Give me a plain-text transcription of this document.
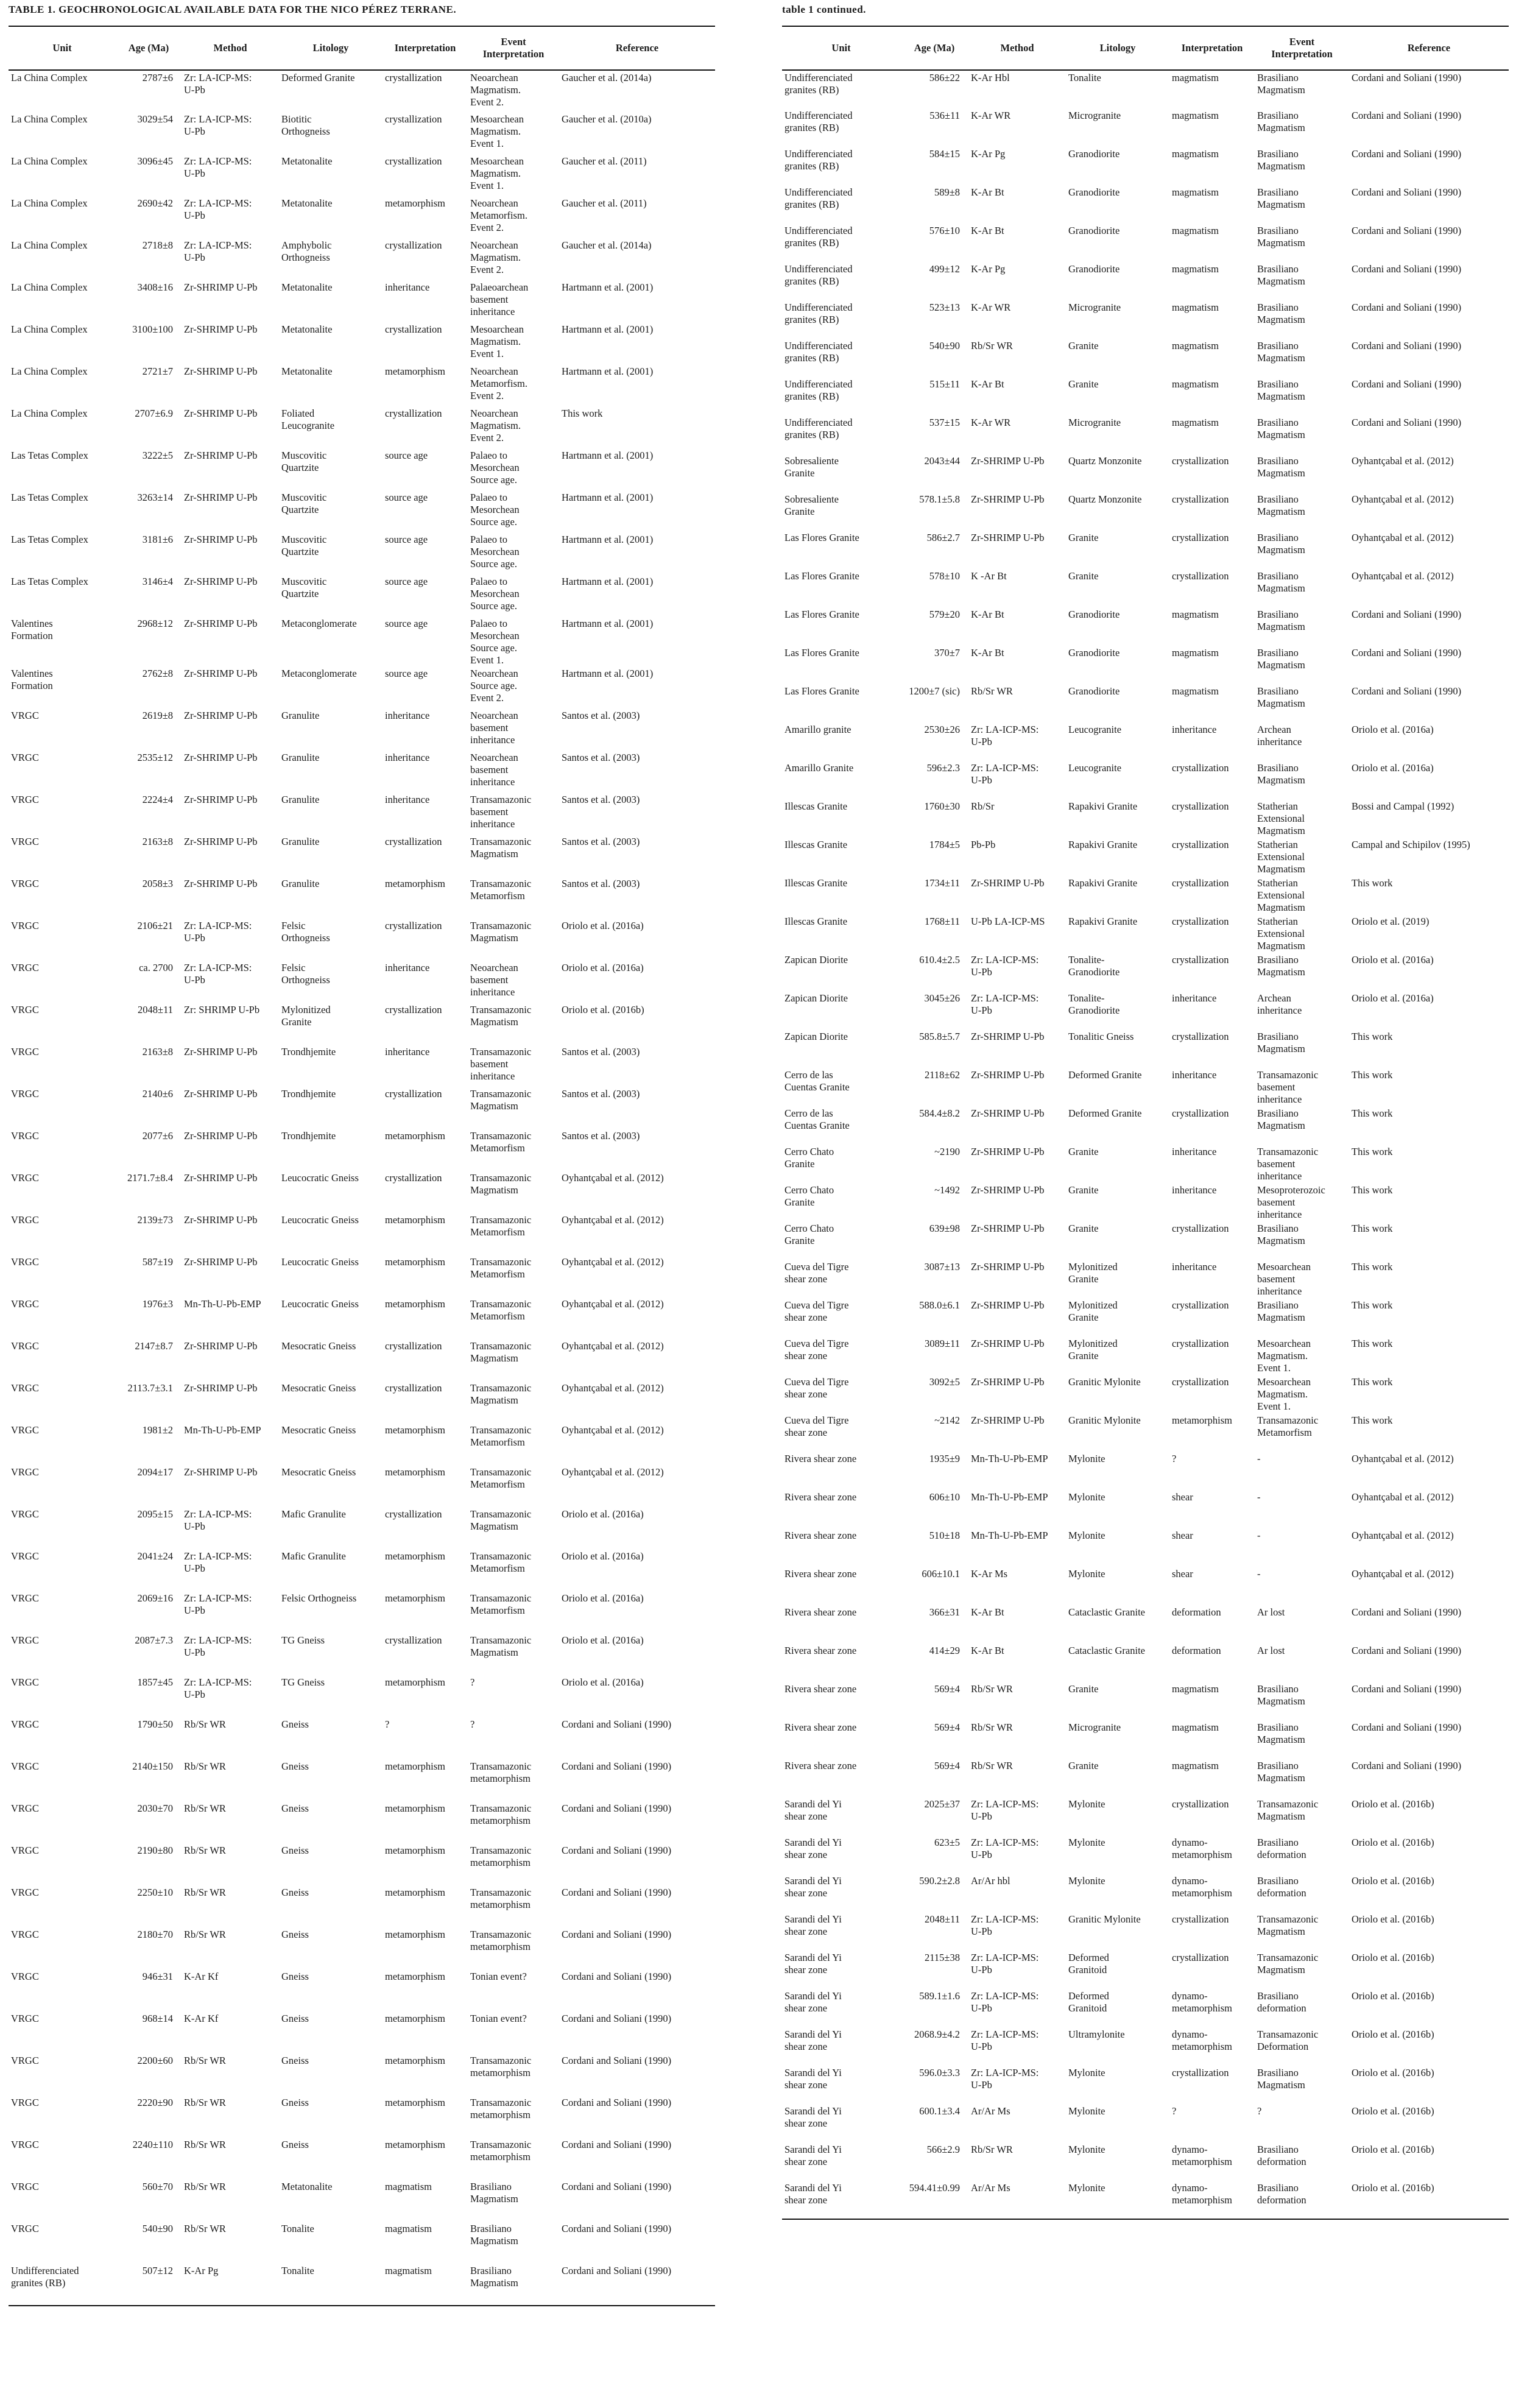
TABLE 1. GEOCHRONOLOGICAL AVAILABLE DATA FOR THE NICO PÉREZ TERRANE.
Unit	Age (Ma)	Method	Litology	Interpretation	Event
Interpretation	Reference
La China Complex	2787±6	Zr: LA-ICP-MS:
U-Pb	Deformed Granite	crystallization	Neoarchean
Magmatism.
Event 2.	Gaucher et al. (2014a)
La China Complex	3029±54	Zr: LA-ICP-MS:
U-Pb	Biotitic
Orthogneiss	crystallization	Mesoarchean
Magmatism.
Event 1.	Gaucher et al. (2010a)
La China Complex	3096±45	Zr: LA-ICP-MS:
U-Pb	Metatonalite	crystallization	Mesoarchean
Magmatism.
Event 1.	Gaucher et al. (2011)
La China Complex	2690±42	Zr: LA-ICP-MS:
U-Pb	Metatonalite	metamorphism	Neoarchean
Metamorfism.
Event 2.	Gaucher et al. (2011)
La China Complex	2718±8	Zr: LA-ICP-MS:
U-Pb	Amphybolic
Orthogneiss	crystallization	Neoarchean
Magmatism.
Event 2.	Gaucher et al. (2014a)
La China Complex	3408±16	Zr-SHRIMP U-Pb	Metatonalite	inheritance	Palaeoarchean
basement
inheritance	Hartmann et al. (2001)
La China Complex	3100±100	Zr-SHRIMP U-Pb	Metatonalite	crystallization	Mesoarchean
Magmatism.
Event 1.	Hartmann et al. (2001)
La China Complex	2721±7	Zr-SHRIMP U-Pb	Metatonalite	metamorphism	Neoarchean
Metamorfism.
Event 2.	Hartmann et al. (2001)
La China Complex	2707±6.9	Zr-SHRIMP U-Pb	Foliated
Leucogranite	crystallization	Neoarchean
Magmatism.
Event 2.	This work
Las Tetas Complex	3222±5	Zr-SHRIMP U-Pb	Muscovitic
Quartzite	source age	Palaeo to
Mesorchean
Source age.	Hartmann et al. (2001)
Las Tetas Complex	3263±14	Zr-SHRIMP U-Pb	Muscovitic
Quartzite	source age	Palaeo to
Mesorchean
Source age.	Hartmann et al. (2001)
Las Tetas Complex	3181±6	Zr-SHRIMP U-Pb	Muscovitic
Quartzite	source age	Palaeo to
Mesorchean
Source age.	Hartmann et al. (2001)
Las Tetas Complex	3146±4	Zr-SHRIMP U-Pb	Muscovitic
Quartzite	source age	Palaeo to
Mesorchean
Source age.	Hartmann et al. (2001)
Valentines
Formation	2968±12	Zr-SHRIMP U-Pb	Metaconglomerate	source age	Palaeo to
Mesorchean
Source age.
Event 1.	Hartmann et al. (2001)
Valentines
Formation	2762±8	Zr-SHRIMP U-Pb	Metaconglomerate	source age	Neoarchean
Source age.
Event 2.	Hartmann et al. (2001)
VRGC	2619±8	Zr-SHRIMP U-Pb	Granulite	inheritance	Neoarchean
basement
inheritance	Santos et al. (2003)
VRGC	2535±12	Zr-SHRIMP U-Pb	Granulite	inheritance	Neoarchean
basement
inheritance	Santos et al. (2003)
VRGC	2224±4	Zr-SHRIMP U-Pb	Granulite	inheritance	Transamazonic
basement
inheritance	Santos et al. (2003)
VRGC	2163±8	Zr-SHRIMP U-Pb	Granulite	crystallization	Transamazonic
Magmatism	Santos et al. (2003)
VRGC	2058±3	Zr-SHRIMP U-Pb	Granulite	metamorphism	Transamazonic
Metamorfism	Santos et al. (2003)
VRGC	2106±21	Zr: LA-ICP-MS:
U-Pb	Felsic
Orthogneiss	crystallization	Transamazonic
Magmatism	Oriolo et al. (2016a)
VRGC	ca. 2700	Zr: LA-ICP-MS:
U-Pb	Felsic
Orthogneiss	inheritance	Neoarchean
basement
inheritance	Oriolo et al. (2016a)
VRGC	2048±11	Zr: SHRIMP U-Pb	Mylonitized
Granite	crystallization	Transamazonic
Magmatism	Oriolo et al. (2016b)
VRGC	2163±8	Zr-SHRIMP U-Pb	Trondhjemite	inheritance	Transamazonic
basement
inheritance	Santos et al. (2003)
VRGC	2140±6	Zr-SHRIMP U-Pb	Trondhjemite	crystallization	Transamazonic
Magmatism	Santos et al. (2003)
VRGC	2077±6	Zr-SHRIMP U-Pb	Trondhjemite	metamorphism	Transamazonic
Metamorfism	Santos et al. (2003)
VRGC	2171.7±8.4	Zr-SHRIMP U-Pb	Leucocratic Gneiss	crystallization	Transamazonic
Magmatism	Oyhantçabal et al. (2012)
VRGC	2139±73	Zr-SHRIMP U-Pb	Leucocratic Gneiss	metamorphism	Transamazonic
Metamorfism	Oyhantçabal et al. (2012)
VRGC	587±19	Zr-SHRIMP U-Pb	Leucocratic Gneiss	metamorphism	Transamazonic
Metamorfism	Oyhantçabal et al. (2012)
VRGC	1976±3	Mn-Th-U-Pb-EMP	Leucocratic Gneiss	metamorphism	Transamazonic
Metamorfism	Oyhantçabal et al. (2012)
VRGC	2147±8.7	Zr-SHRIMP U-Pb	Mesocratic Gneiss	crystallization	Transamazonic
Magmatism	Oyhantçabal et al. (2012)
VRGC	2113.7±3.1	Zr-SHRIMP U-Pb	Mesocratic Gneiss	crystallization	Transamazonic
Magmatism	Oyhantçabal et al. (2012)
VRGC	1981±2	Mn-Th-U-Pb-EMP	Mesocratic Gneiss	metamorphism	Transamazonic
Metamorfism	Oyhantçabal et al. (2012)
VRGC	2094±17	Zr-SHRIMP U-Pb	Mesocratic Gneiss	metamorphism	Transamazonic
Metamorfism	Oyhantçabal et al. (2012)
VRGC	2095±15	Zr: LA-ICP-MS:
U-Pb	Mafic Granulite	crystallization	Transamazonic
Magmatism	Oriolo et al. (2016a)
VRGC	2041±24	Zr: LA-ICP-MS:
U-Pb	Mafic Granulite	metamorphism	Transamazonic
Metamorfism	Oriolo et al. (2016a)
VRGC	2069±16	Zr: LA-ICP-MS:
U-Pb	Felsic Orthogneiss	metamorphism	Transamazonic
Metamorfism	Oriolo et al. (2016a)
VRGC	2087±7.3	Zr: LA-ICP-MS:
U-Pb	TG Gneiss	crystallization	Transamazonic
Magmatism	Oriolo et al. (2016a)
VRGC	1857±45	Zr: LA-ICP-MS:
U-Pb	TG Gneiss	metamorphism	?	Oriolo et al. (2016a)
VRGC	1790±50	Rb/Sr WR	Gneiss	?	?	Cordani and Soliani (1990)
VRGC	2140±150	Rb/Sr WR	Gneiss	metamorphism	Transamazonic
metamorphism	Cordani and Soliani (1990)
VRGC	2030±70	Rb/Sr WR	Gneiss	metamorphism	Transamazonic
metamorphism	Cordani and Soliani (1990)
VRGC	2190±80	Rb/Sr WR	Gneiss	metamorphism	Transamazonic
metamorphism	Cordani and Soliani (1990)
VRGC	2250±10	Rb/Sr WR	Gneiss	metamorphism	Transamazonic
metamorphism	Cordani and Soliani (1990)
VRGC	2180±70	Rb/Sr WR	Gneiss	metamorphism	Transamazonic
metamorphism	Cordani and Soliani (1990)
VRGC	946±31	K-Ar Kf	Gneiss	metamorphism	Tonian event?	Cordani and Soliani (1990)
VRGC	968±14	K-Ar Kf	Gneiss	metamorphism	Tonian event?	Cordani and Soliani (1990)
VRGC	2200±60	Rb/Sr WR	Gneiss	metamorphism	Transamazonic
metamorphism	Cordani and Soliani (1990)
VRGC	2220±90	Rb/Sr WR	Gneiss	metamorphism	Transamazonic
metamorphism	Cordani and Soliani (1990)
VRGC	2240±110	Rb/Sr WR	Gneiss	metamorphism	Transamazonic
metamorphism	Cordani and Soliani (1990)
VRGC	560±70	Rb/Sr WR	Metatonalite	magmatism	Brasiliano
Magmatism	Cordani and Soliani (1990)
VRGC	540±90	Rb/Sr WR	Tonalite	magmatism	Brasiliano
Magmatism	Cordani and Soliani (1990)
Undifferenciated
granites (RB)	507±12	K-Ar Pg	Tonalite	magmatism	Brasiliano
Magmatism	Cordani and Soliani (1990)
table 1 continued.
Unit	Age (Ma)	Method	Litology	Interpretation	Event
Interpretation	Reference
Undifferenciated
granites (RB)	586±22	K-Ar Hbl	Tonalite	magmatism	Brasiliano
Magmatism	Cordani and Soliani (1990)
Undifferenciated
granites (RB)	536±11	K-Ar WR	Microgranite	magmatism	Brasiliano
Magmatism	Cordani and Soliani (1990)
Undifferenciated
granites (RB)	584±15	K-Ar Pg	Granodiorite	magmatism	Brasiliano
Magmatism	Cordani and Soliani (1990)
Undifferenciated
granites (RB)	589±8	K-Ar Bt	Granodiorite	magmatism	Brasiliano
Magmatism	Cordani and Soliani (1990)
Undifferenciated
granites (RB)	576±10	K-Ar Bt	Granodiorite	magmatism	Brasiliano
Magmatism	Cordani and Soliani (1990)
Undifferenciated
granites (RB)	499±12	K-Ar Pg	Granodiorite	magmatism	Brasiliano
Magmatism	Cordani and Soliani (1990)
Undifferenciated
granites (RB)	523±13	K-Ar WR	Microgranite	magmatism	Brasiliano
Magmatism	Cordani and Soliani (1990)
Undifferenciated
granites (RB)	540±90	Rb/Sr WR	Granite	magmatism	Brasiliano
Magmatism	Cordani and Soliani (1990)
Undifferenciated
granites (RB)	515±11	K-Ar Bt	Granite	magmatism	Brasiliano
Magmatism	Cordani and Soliani (1990)
Undifferenciated
granites (RB)	537±15	K-Ar WR	Microgranite	magmatism	Brasiliano
Magmatism	Cordani and Soliani (1990)
Sobresaliente
Granite	2043±44	Zr-SHRIMP U-Pb	Quartz Monzonite	crystallization	Brasiliano
Magmatism	Oyhantçabal et al. (2012)
Sobresaliente
Granite	578.1±5.8	Zr-SHRIMP U-Pb	Quartz Monzonite	crystallization	Brasiliano
Magmatism	Oyhantçabal et al. (2012)
Las Flores Granite	586±2.7	Zr-SHRIMP U-Pb	Granite	crystallization	Brasiliano
Magmatism	Oyhantçabal et al. (2012)
Las Flores Granite	578±10	K -Ar Bt	Granite	crystallization	Brasiliano
Magmatism	Oyhantçabal et al. (2012)
Las Flores Granite	579±20	K-Ar Bt	Granodiorite	magmatism	Brasiliano
Magmatism	Cordani and Soliani (1990)
Las Flores Granite	370±7	K-Ar Bt	Granodiorite	magmatism	Brasiliano
Magmatism	Cordani and Soliani (1990)
Las Flores Granite	1200±7 (sic)	Rb/Sr WR	Granodiorite	magmatism	Brasiliano
Magmatism	Cordani and Soliani (1990)
Amarillo granite	2530±26	Zr: LA-ICP-MS:
U-Pb	Leucogranite	inheritance	Archean
inheritance	Oriolo et al. (2016a)
Amarillo Granite	596±2.3	Zr: LA-ICP-MS:
U-Pb	Leucogranite	crystallization	Brasiliano
Magmatism	Oriolo et al. (2016a)
Illescas Granite	1760±30	Rb/Sr	Rapakivi Granite	crystallization	Statherian
Extensional
Magmatism	Bossi and Campal (1992)
Illescas Granite	1784±5	Pb-Pb	Rapakivi Granite	crystallization	Statherian
Extensional
Magmatism	Campal and Schipilov (1995)
Illescas Granite	1734±11	Zr-SHRIMP U-Pb	Rapakivi Granite	crystallization	Statherian
Extensional
Magmatism	This work
Illescas Granite	1768±11	U-Pb LA-ICP-MS	Rapakivi Granite	crystallization	Statherian
Extensional
Magmatism	Oriolo et al. (2019)
Zapican Diorite	610.4±2.5	Zr: LA-ICP-MS:
U-Pb	Tonalite-
Granodiorite	crystallization	Brasiliano
Magmatism	Oriolo et al. (2016a)
Zapican Diorite	3045±26	Zr: LA-ICP-MS:
U-Pb	Tonalite-
Granodiorite	inheritance	Archean
inheritance	Oriolo et al. (2016a)
Zapican Diorite	585.8±5.7	Zr-SHRIMP U-Pb	Tonalitic Gneiss	crystallization	Brasiliano
Magmatism	This work
Cerro de las
Cuentas Granite	2118±62	Zr-SHRIMP U-Pb	Deformed Granite	inheritance	Transamazonic
basement
inheritance	This work
Cerro de las
Cuentas Granite	584.4±8.2	Zr-SHRIMP U-Pb	Deformed Granite	crystallization	Brasiliano
Magmatism	This work
Cerro Chato
Granite	~2190	Zr-SHRIMP U-Pb	Granite	inheritance	Transamazonic
basement
inheritance	This work
Cerro Chato
Granite	~1492	Zr-SHRIMP U-Pb	Granite	inheritance	Mesoproterozoic
basement
inheritance	This work
Cerro Chato
Granite	639±98	Zr-SHRIMP U-Pb	Granite	crystallization	Brasiliano
Magmatism	This work
Cueva del Tigre
shear zone	3087±13	Zr-SHRIMP U-Pb	Mylonitized
Granite	inheritance	Mesoarchean
basement
inheritance	This work
Cueva del Tigre
shear zone	588.0±6.1	Zr-SHRIMP U-Pb	Mylonitized
Granite	crystallization	Brasiliano
Magmatism	This work
Cueva del Tigre
shear zone	3089±11	Zr-SHRIMP U-Pb	Mylonitized
Granite	crystallization	Mesoarchean
Magmatism.
Event 1.	This work
Cueva del Tigre
shear zone	3092±5	Zr-SHRIMP U-Pb	Granitic Mylonite	crystallization	Mesoarchean
Magmatism.
Event 1.	This work
Cueva del Tigre
shear zone	~2142	Zr-SHRIMP U-Pb	Granitic Mylonite	metamorphism	Transamazonic
Metamorfism	This work
Rivera shear zone	1935±9	Mn-Th-U-Pb-EMP	Mylonite	?	-	Oyhantçabal et al. (2012)
Rivera shear zone	606±10	Mn-Th-U-Pb-EMP	Mylonite	shear	-	Oyhantçabal et al. (2012)
Rivera shear zone	510±18	Mn-Th-U-Pb-EMP	Mylonite	shear	-	Oyhantçabal et al. (2012)
Rivera shear zone	606±10.1	K-Ar Ms	Mylonite	shear	-	Oyhantçabal et al. (2012)
Rivera shear zone	366±31	K-Ar Bt	Cataclastic Granite	deformation	Ar lost	Cordani and Soliani (1990)
Rivera shear zone	414±29	K-Ar Bt	Cataclastic Granite	deformation	Ar lost	Cordani and Soliani (1990)
Rivera shear zone	569±4	Rb/Sr WR	Granite	magmatism	Brasiliano
Magmatism	Cordani and Soliani (1990)
Rivera shear zone	569±4	Rb/Sr WR	Microgranite	magmatism	Brasiliano
Magmatism	Cordani and Soliani (1990)
Rivera shear zone	569±4	Rb/Sr WR	Granite	magmatism	Brasiliano
Magmatism	Cordani and Soliani (1990)
Sarandi del Yi
shear zone	2025±37	Zr: LA-ICP-MS:
U-Pb	Mylonite	crystallization	Transamazonic
Magmatism	Oriolo et al. (2016b)
Sarandi del Yi
shear zone	623±5	Zr: LA-ICP-MS:
U-Pb	Mylonite	dynamo-
metamorphism	Brasiliano
deformation	Oriolo et al. (2016b)
Sarandi del Yi
shear zone	590.2±2.8	Ar/Ar hbl	Mylonite	dynamo-
metamorphism	Brasiliano
deformation	Oriolo et al. (2016b)
Sarandi del Yi
shear zone	2048±11	Zr: LA-ICP-MS:
U-Pb	Granitic Mylonite	crystallization	Transamazonic
Magmatism	Oriolo et al. (2016b)
Sarandi del Yi
shear zone	2115±38	Zr: LA-ICP-MS:
U-Pb	Deformed
Granitoid	crystallization	Transamazonic
Magmatism	Oriolo et al. (2016b)
Sarandi del Yi
shear zone	589.1±1.6	Zr: LA-ICP-MS:
U-Pb	Deformed
Granitoid	dynamo-
metamorphism	Brasiliano
deformation	Oriolo et al. (2016b)
Sarandi del Yi
shear zone	2068.9±4.2	Zr: LA-ICP-MS:
U-Pb	Ultramylonite	dynamo-
metamorphism	Transamazonic
Deformation	Oriolo et al. (2016b)
Sarandi del Yi
shear zone	596.0±3.3	Zr: LA-ICP-MS:
U-Pb	Mylonite	crystallization	Brasiliano
Magmatism	Oriolo et al. (2016b)
Sarandi del Yi
shear zone	600.1±3.4	Ar/Ar Ms	Mylonite	?	?	Oriolo et al. (2016b)
Sarandi del Yi
shear zone	566±2.9	Rb/Sr WR	Mylonite	dynamo-
metamorphism	Brasiliano
deformation	Oriolo et al. (2016b)
Sarandi del Yi
shear zone	594.41±0.99	Ar/Ar Ms	Mylonite	dynamo-
metamorphism	Brasiliano
deformation	Oriolo et al. (2016b)
